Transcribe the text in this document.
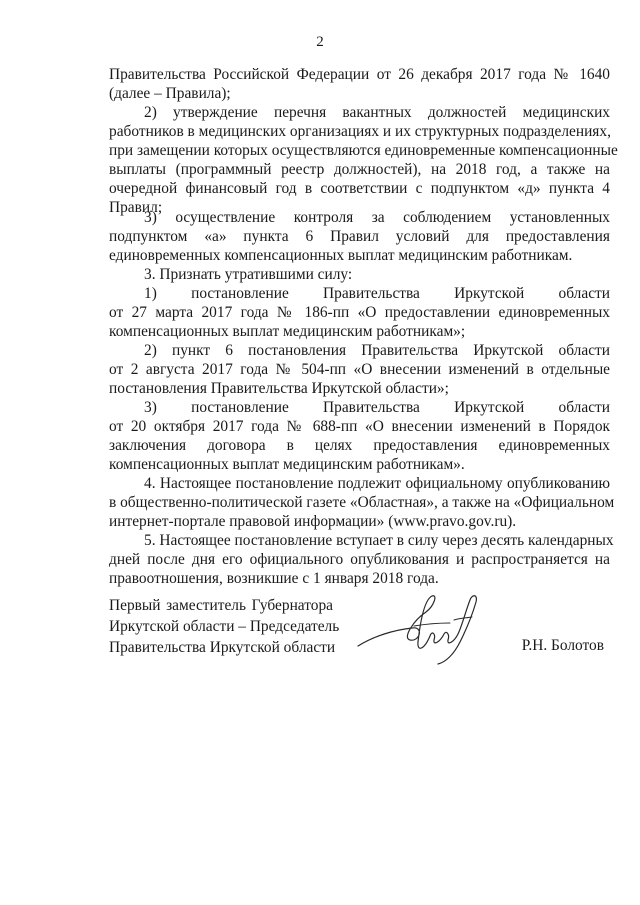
2
Правительства Российской Федерации от 26 декабря 2017 года № 1640
(далее – Правила);
2) утверждение перечня вакантных должностей медицинских
работников в медицинских организациях и их структурных подразделениях,
при замещении которых осуществляются единовременные компенсационные
выплаты (программный реестр должностей), на 2018 год, а также на
очередной финансовый год в соответствии с подпунктом «д» пункта 4
Правил;
3) осуществление контроля за соблюдением установленных
подпунктом «а» пункта 6 Правил условий для предоставления
единовременных компенсационных выплат медицинским работникам.
3. Признать утратившими силу:
1) постановление Правительства Иркутской области
от 27 марта 2017 года № 186-пп «О предоставлении единовременных
компенсационных выплат медицинским работникам»;
2) пункт 6 постановления Правительства Иркутской области
от 2 августа 2017 года № 504-пп «О внесении изменений в отдельные
постановления Правительства Иркутской области»;
3) постановление Правительства Иркутской области
от 20 октября 2017 года № 688-пп «О внесении изменений в Порядок
заключения договора в целях предоставления единовременных
компенсационных выплат медицинским работникам».
4. Настоящее постановление подлежит официальному опубликованию
в общественно-политической газете «Областная», а также на «Официальном
интернет-портале правовой информации» (www.pravo.gov.ru).
5. Настоящее постановление вступает в силу через десять календарных
дней после дня его официального опубликования и распространяется на
правоотношения, возникшие с 1 января 2018 года.
Первый заместитель Губернатора
Иркутской области – Председатель
Правительства Иркутской области	Р.Н. Болотов
